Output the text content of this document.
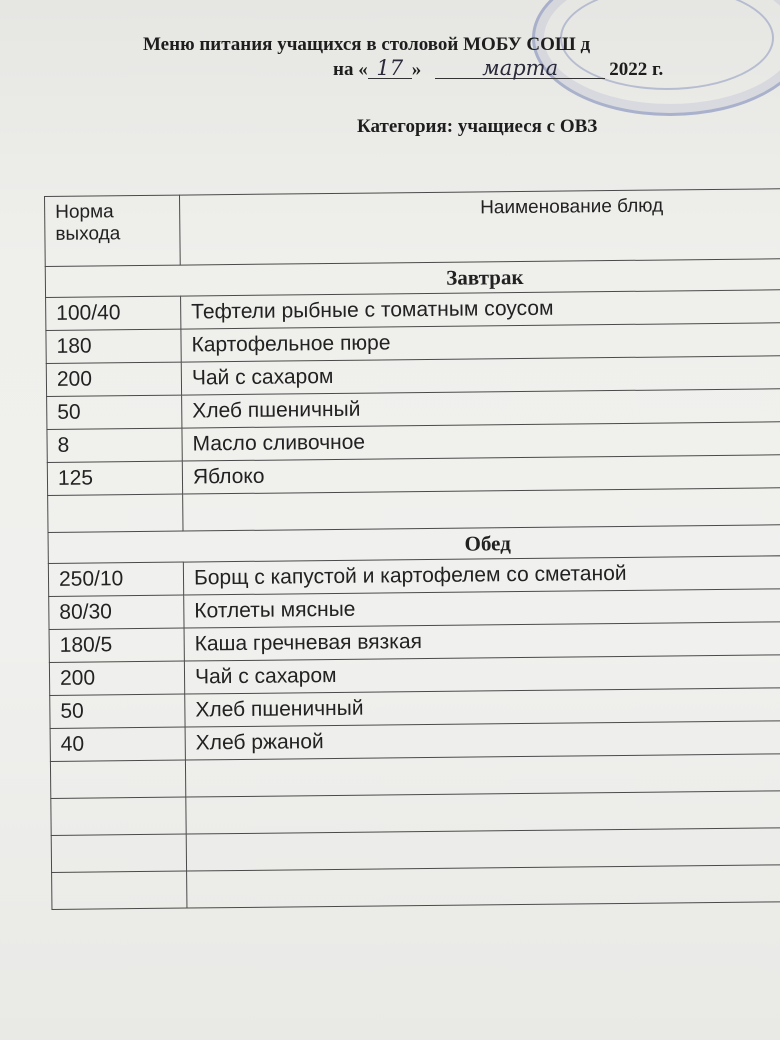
Меню питания учащихся в столовой МОБУ СОШ д
на « 17 »	марта	2022 г.
Категория: учащиеся с ОВЗ
Норма выхода	Наименование блюд
Завтрак	
100/40	Тефтели рыбные с томатным соусом
180	Картофельное пюре
200	Чай с сахаром
50	Хлеб пшеничный
8	Масло сливочное
125	Яблоко

Обед	
250/10	Борщ с капустой и картофелем со сметаной
80/30	Котлеты мясные
180/5	Каша гречневая вязкая
200	Чай с сахаром
50	Хлеб пшеничный
40	Хлеб ржаной
